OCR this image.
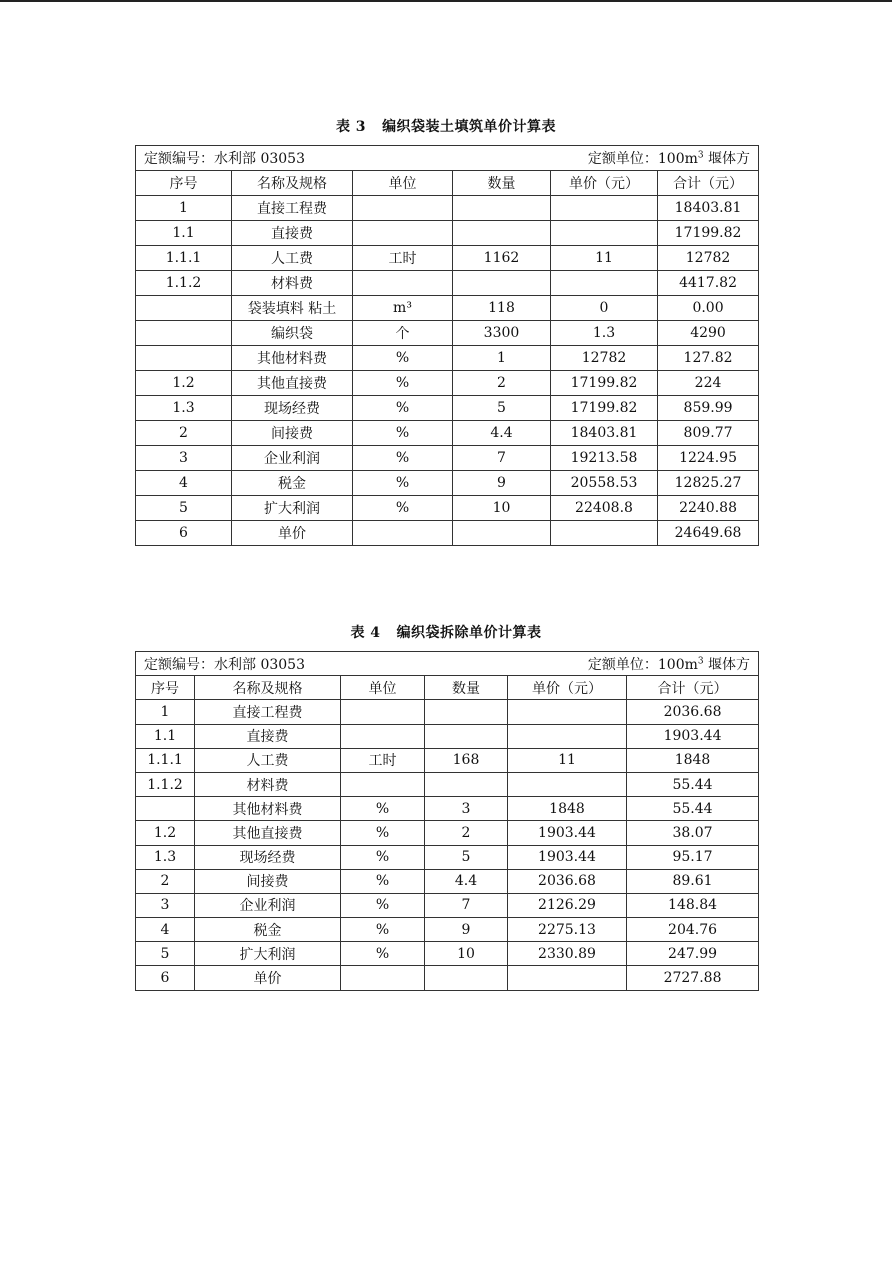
表 3 编织袋装土填筑单价计算表
定额编号：水利部 03053 定额单位：$100m^3$ 堰体方					

序号	名称及规格	单位	数量	单价（元）	合计（元）
1	直接工程费				18403.81
1.1	直接费				17199.82
1.1.1	人工费	工时	1162	11	12782
1.1.2	材料费				4417.82
	袋装填料 粘土	m³	118	0	0.00
	编织袋	个	3300	1.3	4290
	其他材料费	%	1	12782	127.82
1.2	其他直接费	%	2	17199.82	224
1.3	现场经费	%	5	17199.82	859.99
2	间接费	%	4.4	18403.81	809.77
3	企业利润	%	7	19213.58	1224.95
4	税金	%	9	20558.53	12825.27
5	扩大利润	%	10	22408.8	2240.88
6	单价				24649.68
表 4 编织袋拆除单价计算表
定额编号：水利部 03053 定额单位：$100m^3$ 堰体方					

序号	名称及规格	单位	数量	单价（元）	合计（元）
1	直接工程费				2036.68
1.1	直接费				1903.44
1.1.1	人工费	工时	168	11	1848
1.1.2	材料费				55.44
	其他材料费	%	3	1848	55.44
1.2	其他直接费	%	2	1903.44	38.07
1.3	现场经费	%	5	1903.44	95.17
2	间接费	%	4.4	2036.68	89.61
3	企业利润	%	7	2126.29	148.84
4	税金	%	9	2275.13	204.76
5	扩大利润	%	10	2330.89	247.99
6	单价				2727.88
